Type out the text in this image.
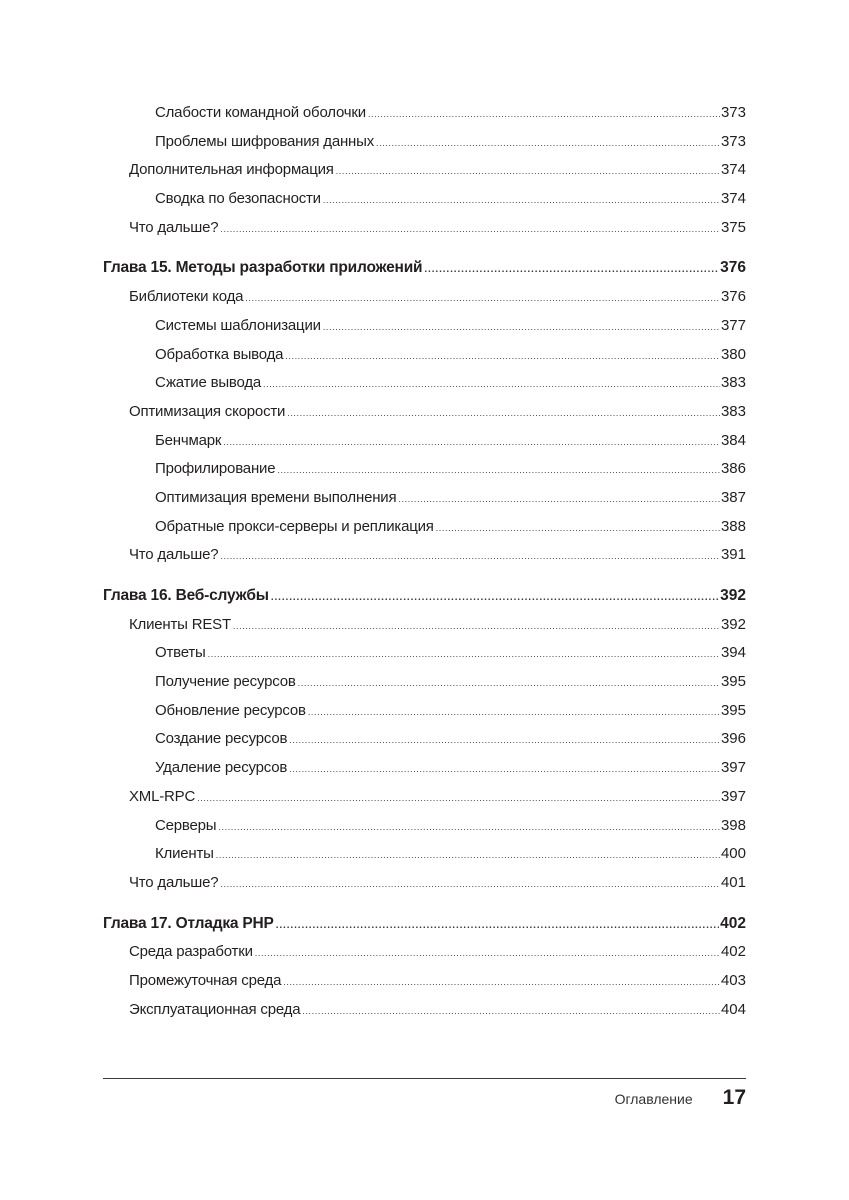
Слабости командной оболочки .....	373
Проблемы шифрования данных .....	373
Дополнительная информация .....	374
Сводка по безопасности .....	374
Что дальше? .....	375
Глава 15. Методы разработки приложений .....	376
Библиотеки кода .....	376
Системы шаблонизации .....	377
Обработка вывода .....	380
Сжатие вывода .....	383
Оптимизация скорости .....	383
Бенчмарк .....	384
Профилирование .....	386
Оптимизация времени выполнения .....	387
Обратные прокси-серверы и репликация .....	388
Что дальше? .....	391
Глава 16. Веб-службы .....	392
Клиенты REST .....	392
Ответы .....	394
Получение ресурсов .....	395
Обновление ресурсов .....	395
Создание ресурсов .....	396
Удаление ресурсов .....	397
XML-RPC .....	397
Серверы .....	398
Клиенты .....	400
Что дальше? .....	401
Глава 17. Отладка PHP .....	402
Среда разработки .....	402
Промежуточная среда .....	403
Эксплуатационная среда .....	404
Оглавление 17
